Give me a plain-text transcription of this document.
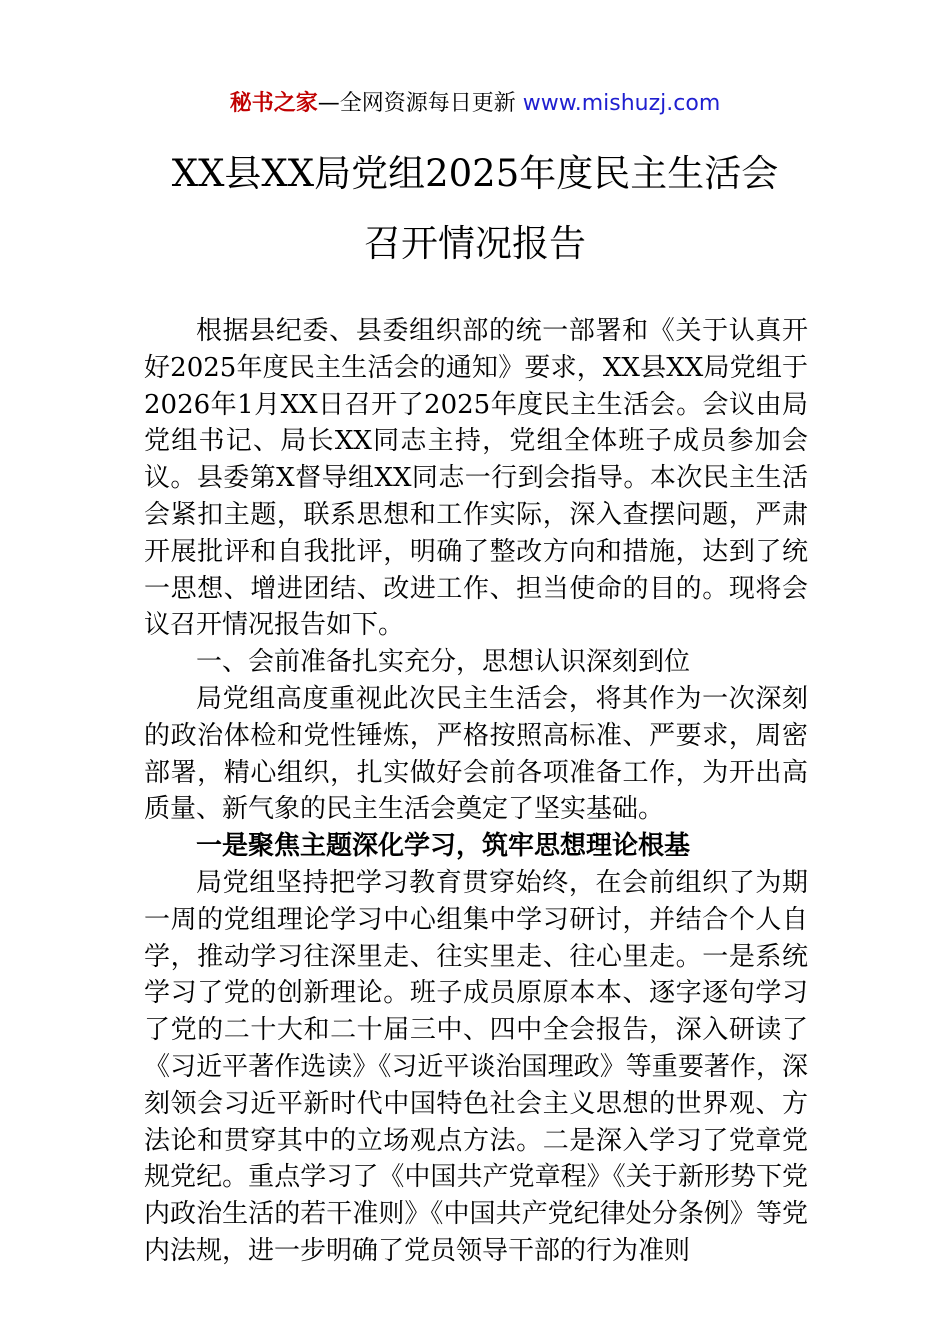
秘书之家—全网资源每日更新 www.mishuzj.com
XX县XX局党组2025年度民主生活会
召开情况报告

根据县纪委、县委组织部的统一部署和《关于认真开好2025年度民主生活会的通知》要求，XX县XX局党组于2026年1月XX日召开了2025年度民主生活会。会议由局党组书记、局长XX同志主持，党组全体班子成员参加会议。县委第X督导组XX同志一行到会指导。本次民主生活会紧扣主题，联系思想和工作实际，深入查摆问题，严肃开展批评和自我批评，明确了整改方向和措施，达到了统一思想、增进团结、改进工作、担当使命的目的。现将会议召开情况报告如下。

一、会前准备扎实充分，思想认识深刻到位

局党组高度重视此次民主生活会，将其作为一次深刻的政治体检和党性锤炼，严格按照高标准、严要求，周密部署，精心组织，扎实做好会前各项准备工作，为开出高质量、新气象的民主生活会奠定了坚实基础。

一是聚焦主题深化学习，筑牢思想理论根基

局党组坚持把学习教育贯穿始终，在会前组织了为期一周的党组理论学习中心组集中学习研讨，并结合个人自学，推动学习往深里走、往实里走、往心里走。一是系统学习了党的创新理论。班子成员原原本本、逐字逐句学习了党的二十大和二十届三中、四中全会报告，深入研读了《习近平著作选读》《习近平谈治国理政》等重要著作，深刻领会习近平新时代中国特色社会主义思想的世界观、方法论和贯穿其中的立场观点方法。二是深入学习了党章党规党纪。重点学习了《中国共产党章程》《关于新形势下党内政治生活的若干准则》《中国共产党纪律处分条例》等党内法规，进一步明确了党员领导干部的行为准则
